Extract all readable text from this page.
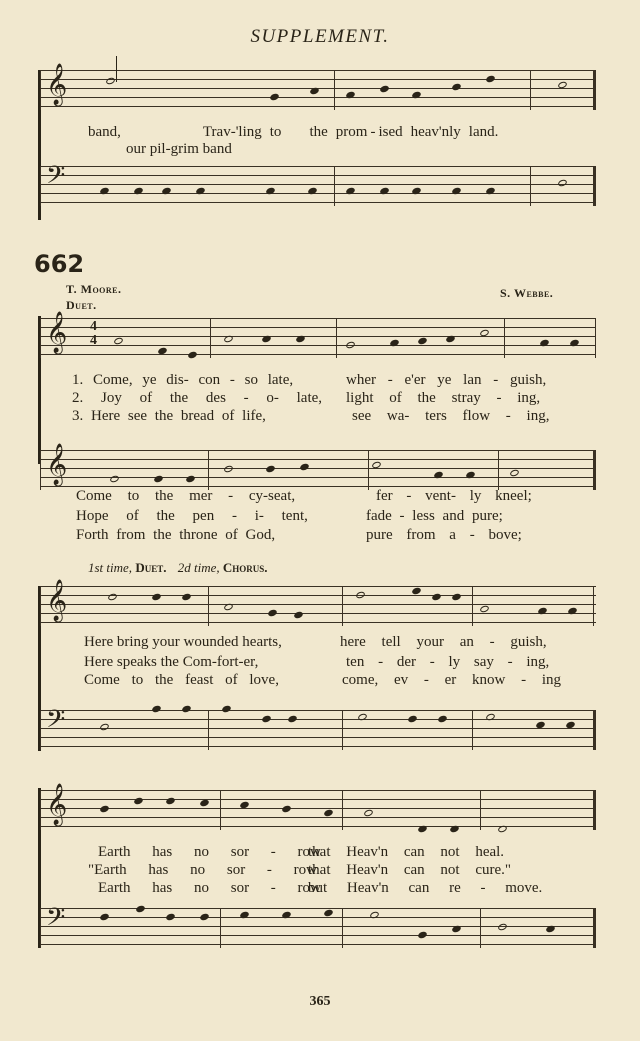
SUPPLEMENT.
𝄞
band,	Trav-'ling to the prom - ised heav'nly land.
our pil-grim band
𝄢
662
T. Moore.	S. Webbe.
Duet.
𝄞 4
4
1. Come, ye dis- con - so late,	wher - e'er ye lan - guish,
2. Joy of the des - o- late, light of the stray - ing,
3. Here see the bread of life,	see wa- ters flow - ing,
𝄞
Come to the mer - cy-seat,	fer - vent- ly kneel;
Hope of the pen - i- tent,	fade - less and pure;
Forth from the throne of God,	pure from a - bove;
1st time, Duet. 2d time, Chorus.
𝄞
Here bring your wounded hearts,	here tell your an - guish,
Here speaks the Com-fort-er,	ten - der - ly say - ing,
Come to the feast of love,	come, ev - er know - ing
𝄢
𝄞
Earth has no sor - row
that Heav'n can not heal.
"Earth has no sor - row
that Heav'n can not cure."
Earth has no sor - row
but Heav'n can re - move.
𝄢
365
